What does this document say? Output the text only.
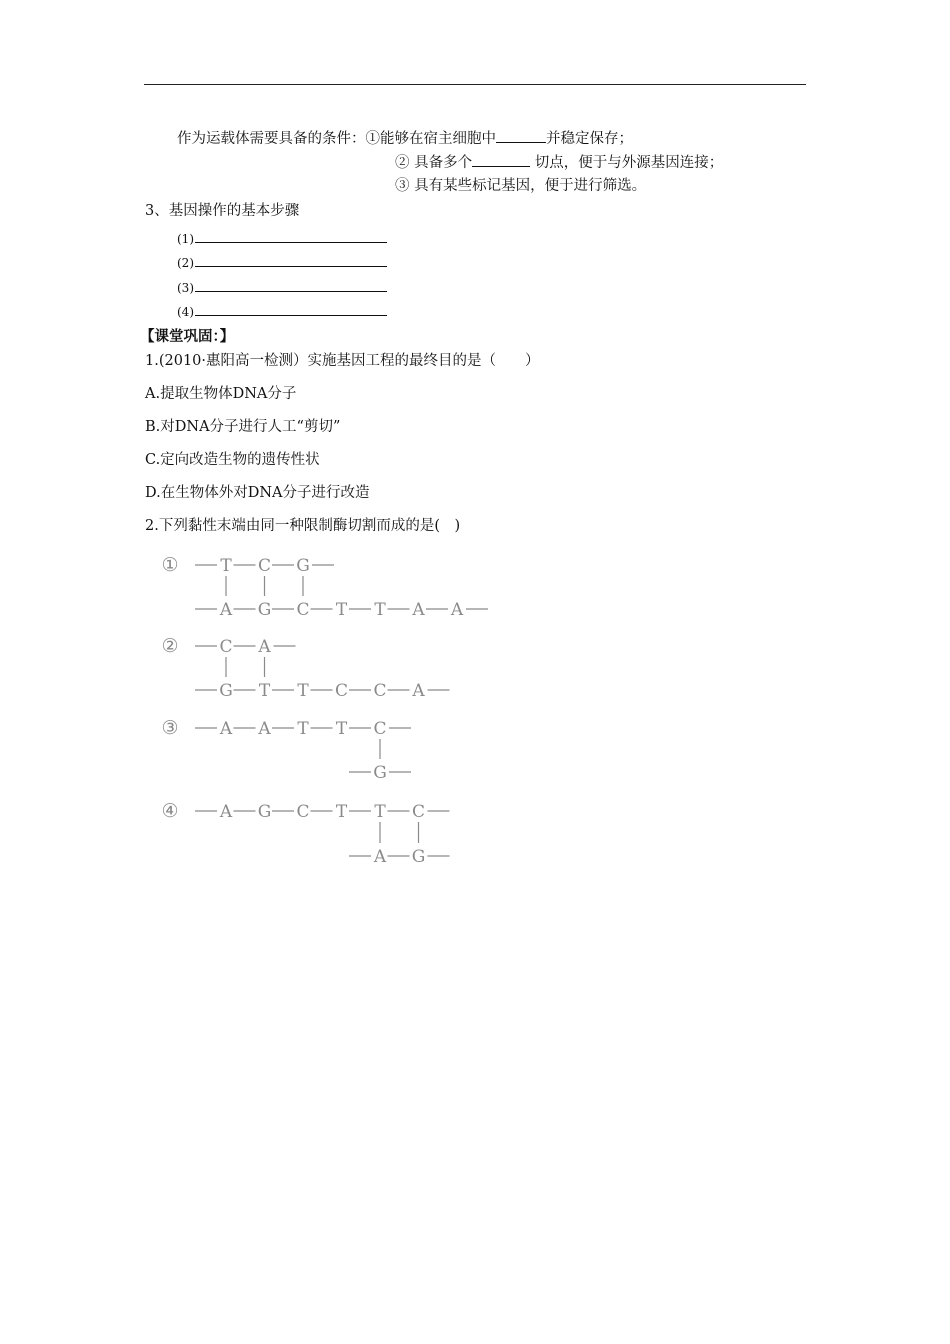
作为运载体需要具备的条件：①能够在宿主细胞中	并稳定保存；
② 具备多个	切点，便于与外源基因连接；
③ 具有某些标记基因，便于进行筛选。
3、基因操作的基本步骤
(1)
(2)
(3)
(4)
【课堂巩固：】
1.(2010·惠阳高一检测）实施基因工程的最终目的是（　　）
A.提取生物体DNA分子
B.对DNA分子进行人工“剪切”
C.定向改造生物的遗传性状
D.在生物体外对DNA分子进行改造
2.下列黏性末端由同一种限制酶切割而成的是(　)
① T C G
A G C T T A A
② C A
G T T C C A
③ A A T T C
G
④ A G C T T C
A G
